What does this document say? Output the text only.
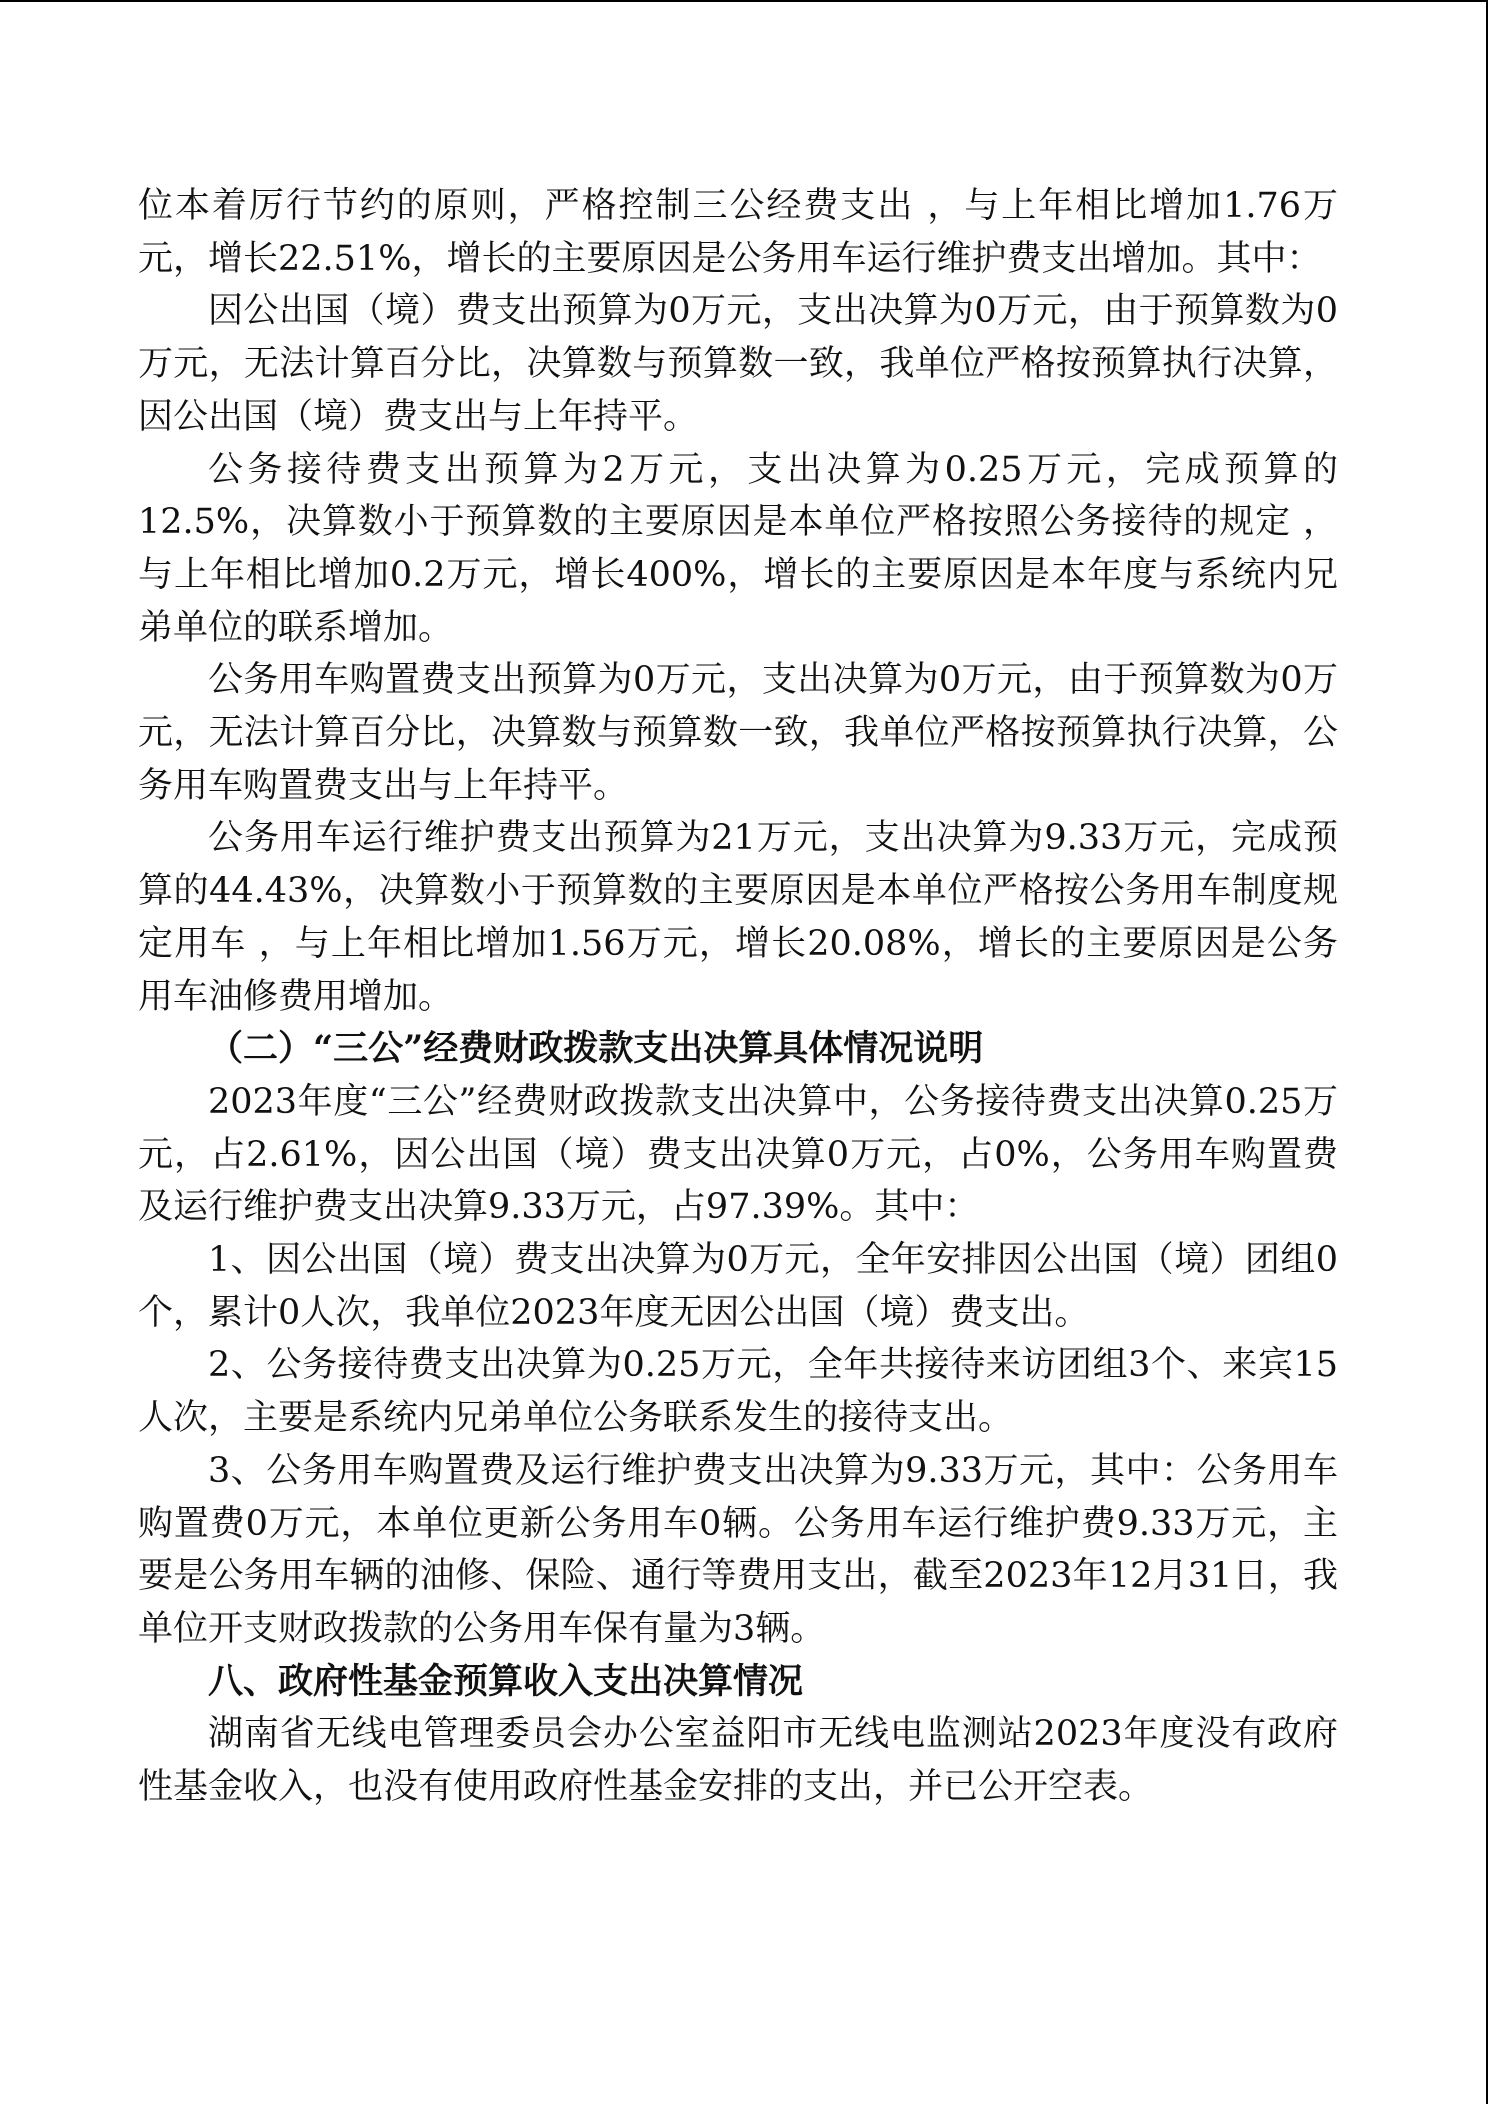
位本着厉行节约的原则，严格控制三公经费支出 ，与上年相比增加1.76万元，增长22.51%，增长的主要原因是公务用车运行维护费支出增加。其中：

因公出国（境）费支出预算为0万元，支出决算为0万元，由于预算数为0万元，无法计算百分比，决算数与预算数一致，我单位严格按预算执行决算，因公出国（境）费支出与上年持平。

公务接待费支出预算为2万元，支出决算为0.25万元，完成预算的12.5%，决算数小于预算数的主要原因是本单位严格按照公务接待的规定 ，与上年相比增加0.2万元，增长400%，增长的主要原因是本年度与系统内兄弟单位的联系增加。

公务用车购置费支出预算为0万元，支出决算为0万元，由于预算数为0万元，无法计算百分比，决算数与预算数一致，我单位严格按预算执行决算，公务用车购置费支出与上年持平。

公务用车运行维护费支出预算为21万元，支出决算为9.33万元，完成预算的44.43%，决算数小于预算数的主要原因是本单位严格按公务用车制度规定用车 ，与上年相比增加1.56万元，增长20.08%，增长的主要原因是公务用车油修费用增加。

（二）“三公”经费财政拨款支出决算具体情况说明

2023年度“三公”经费财政拨款支出决算中，公务接待费支出决算0.25万元，占2.61%，因公出国（境）费支出决算0万元，占0%，公务用车购置费及运行维护费支出决算9.33万元，占97.39%。其中：

1、因公出国（境）费支出决算为0万元，全年安排因公出国（境）团组0个，累计0人次，我单位2023年度无因公出国（境）费支出。

2、公务接待费支出决算为0.25万元，全年共接待来访团组3个、来宾15人次，主要是系统内兄弟单位公务联系发生的接待支出。

3、公务用车购置费及运行维护费支出决算为9.33万元，其中：公务用车购置费0万元，本单位更新公务用车0辆。公务用车运行维护费9.33万元，主要是公务用车辆的油修、保险、通行等费用支出，截至2023年12月31日，我单位开支财政拨款的公务用车保有量为3辆。

八、政府性基金预算收入支出决算情况

湖南省无线电管理委员会办公室益阳市无线电监测站2023年度没有政府性基金收入，也没有使用政府性基金安排的支出，并已公开空表。
